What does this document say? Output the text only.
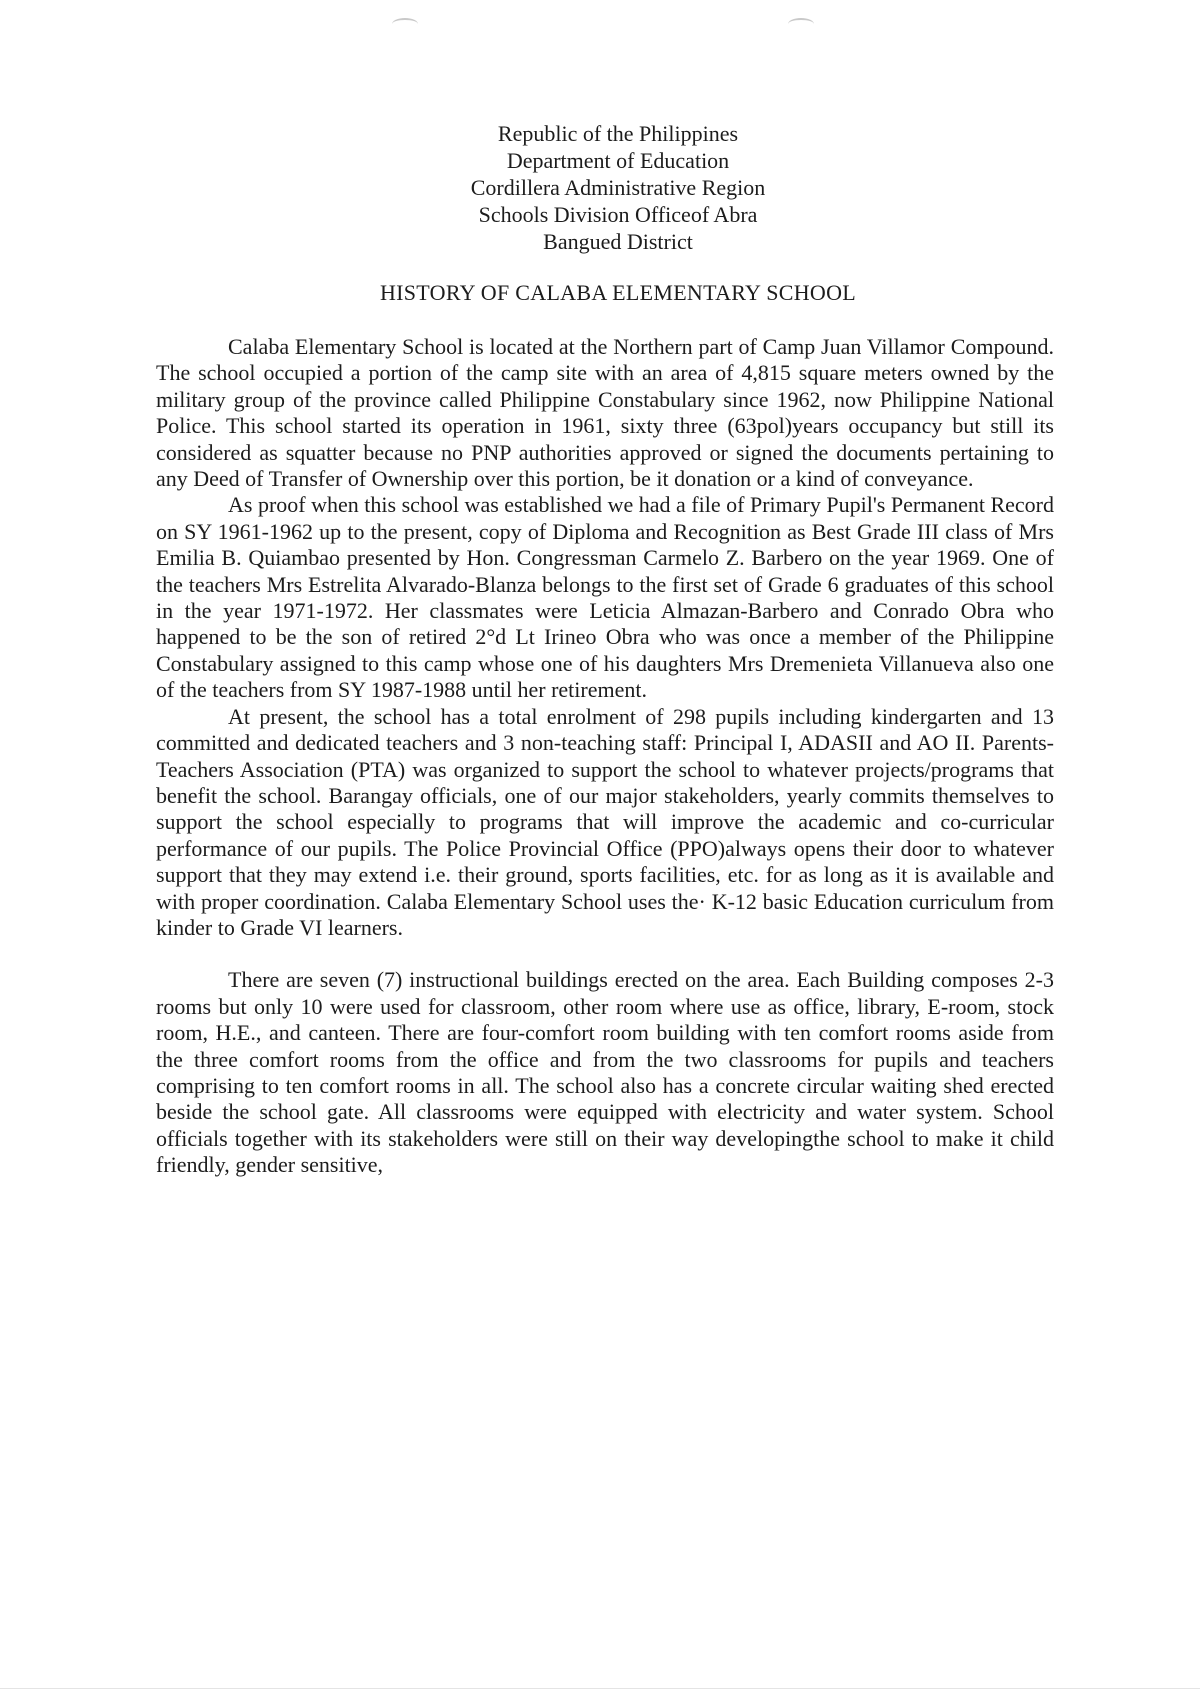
Republic of the Philippines
Department of Education
Cordillera Administrative Region
Schools Division Officeof Abra
Bangued District
HISTORY OF CALABA ELEMENTARY SCHOOL

Calaba Elementary School is located at the Northern part of Camp Juan Villamor Compound. The school occupied a portion of the camp site with an area of 4,815 square meters owned by the military group of the province called Philippine Constabulary since 1962, now Philippine National Police. This school started its operation in 1961, sixty three (63pol)years occupancy but still its considered as squatter because no PNP authorities approved or signed the documents pertaining to any Deed of Transfer of Ownership over this portion, be it donation or a kind of conveyance.

As proof when this school was established we had a file of Primary Pupil's Permanent Record on SY 1961-1962 up to the present, copy of Diploma and Recognition as Best Grade III class of Mrs Emilia B. Quiambao presented by Hon. Congressman Carmelo Z. Barbero on the year 1969. One of the teachers Mrs Estrelita Alvarado-Blanza belongs to the first set of Grade 6 graduates of this school in the year 1971-1972. Her classmates were Leticia Almazan-Barbero and Conrado Obra who happened to be the son of retired 2°d Lt Irineo Obra who was once a member of the Philippine Constabulary assigned to this camp whose one of his daughters Mrs Dremenieta Villanueva also one of the teachers from SY 1987-1988 until her retirement.

At present, the school has a total enrolment of 298 pupils including kindergarten and 13 committed and dedicated teachers and 3 non-teaching staff: Principal I, ADASII and AO II. Parents-Teachers Association (PTA) was organized to support the school to whatever projects/programs that benefit the school. Barangay officials, one of our major stakeholders, yearly commits themselves to support the school especially to programs that will improve the academic and co-curricular performance of our pupils. The Police Provincial Office (PPO)always opens their door to whatever support that they may extend i.e. their ground, sports facilities, etc. for as long as it is available and with proper coordination. Calaba Elementary School uses the· K-12 basic Education curriculum from kinder to Grade VI learners.

There are seven (7) instructional buildings erected on the area. Each Building composes 2-3 rooms but only 10 were used for classroom, other room where use as office, library, E-room, stock room, H.E., and canteen. There are four-comfort room building with ten comfort rooms aside from the three comfort rooms from the office and from the two classrooms for pupils and teachers comprising to ten comfort rooms in all. The school also has a concrete circular waiting shed erected beside the school gate. All classrooms were equipped with electricity and water system. School officials together with its stakeholders were still on their way developingthe school to make it child friendly, gender sensitive,
